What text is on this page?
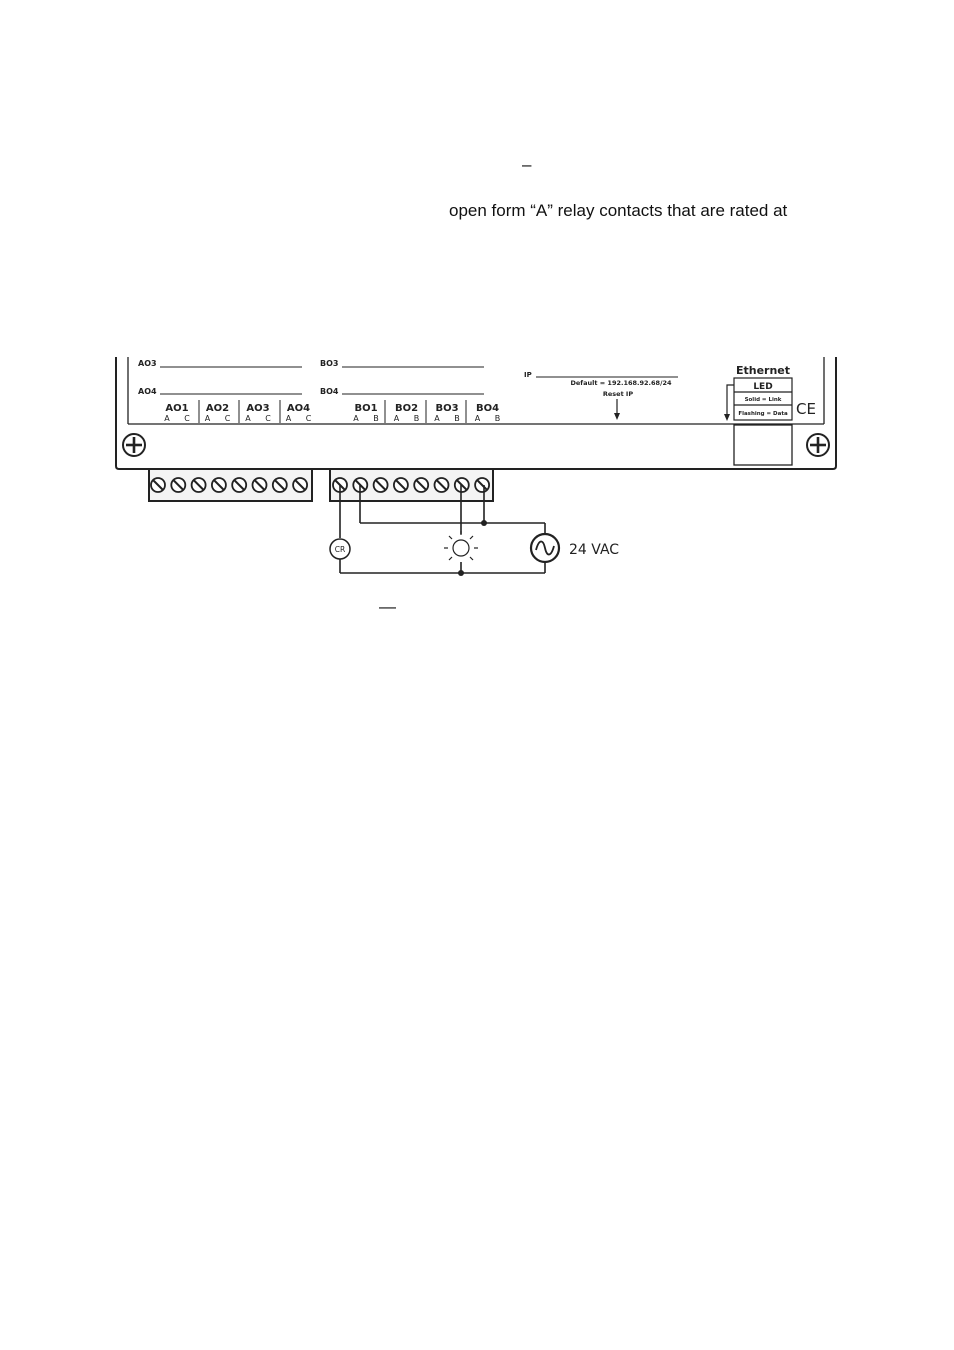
–
open form “A” relay contacts that are rated at
AO3
AO4
BO3
BO4
IP
Default = 192.168.92.68/24
Reset IP
Ethernet
LED
Solid = Link
Flashing = Data CE
AO1
A C
AO2
A C
AO3
A C
AO4
A C
BO1
A B
BO2
A B
BO3
A B
BO4
A B
CR	24 VAC
—
